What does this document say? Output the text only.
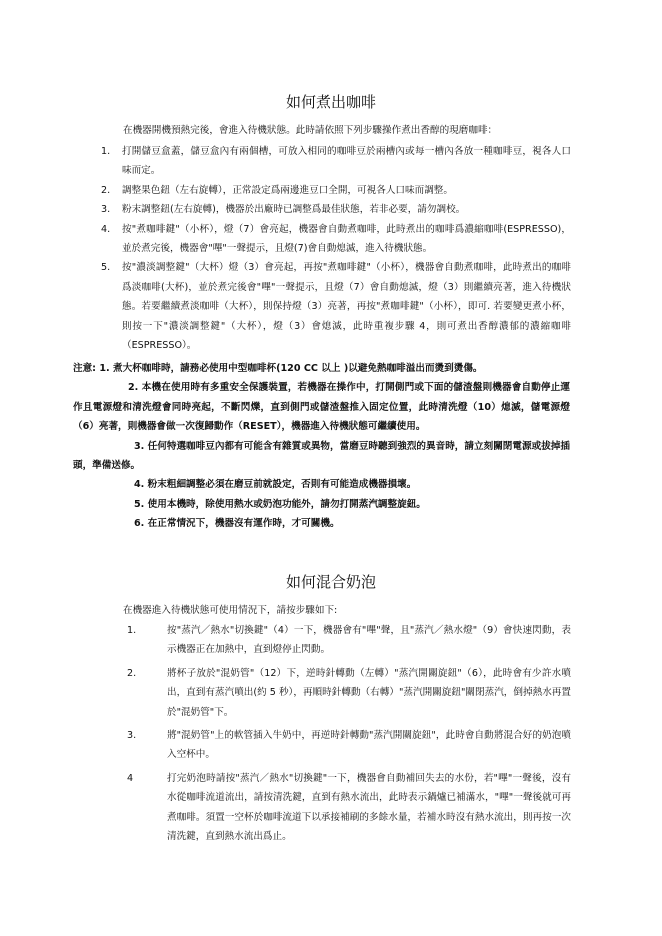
如何煮出咖啡
在機器開機預熱完後，會進入待機狀態。此時請依照下列步驟操作煮出香醇的現磨咖啡：
1.	打開儲豆盒蓋，儲豆盒內有兩個槽，可放入相同的咖啡豆於兩槽內或每一槽內各放一種咖啡豆，視各人口味而定。

2.	調整果色鈕（左右旋轉），正常設定爲兩邊進豆口全開，可視各人口味而調整。

3.	粉末調整鈕(左右旋轉)，機器於出廠時已調整爲最佳狀態，若非必要，請勿調校。

4.	按"煮咖啡鍵"（小杯），燈（7）會亮起，機器會自動煮咖啡，此時煮出的咖啡爲濃縮咖啡(ESPRESSO)，並於煮完後，機器會"嗶"一聲提示，且燈(7)會自動熄滅，進入待機狀態。

5.	按"濃淡調整鍵"（大杯）燈（3）會亮起，再按"煮咖啡鍵"（小杯），機器會自動煮咖啡，此時煮出的咖啡爲淡咖啡(大杯)，並於煮完後會"嗶"一聲提示，且燈（7）會自動熄滅，燈（3）則繼續亮著，進入待機狀態。若要繼續煮淡咖啡（大杯），則保持燈（3）亮著，再按"煮咖啡鍵"（小杯），即可. 若要變更煮小杯，則按一下"濃淡調整鍵"（大杯），燈（3）會熄滅，此時重複步驟 4，則可煮出香醇濃郁的濃縮咖啡（ESPRESSO）。

注意: 1. 煮大杯咖啡時，請務必使用中型咖啡杯(120 CC 以上 )以避免熱咖啡溢出而燙到燙傷。

2. 本機在使用時有多重安全保護裝置，若機器在操作中，打開側門或下面的儲渣盤則機器會自動停止運作且電源燈和清洗燈會同時亮起，不斷閃爍，直到側門或儲渣盤推入固定位置，此時清洗燈（10）熄滅，儲電源燈（6）亮著，則機器會做一次復歸動作（RESET），機器進入待機狀態可繼續使用。

3. 任何特選咖啡豆內都有可能含有雜質或異物，當磨豆時聽到強烈的異音時，請立刻關閉電源或拔掉插頭，準備送修。

4. 粉末粗細調整必須在磨豆前就設定，否則有可能造成機器損壞。

5. 使用本機時，除使用熱水或奶泡功能外，請勿打開蒸汽調整旋鈕。

6. 在正常情況下，機器沒有運作時，才可關機。

如何混合奶泡
在機器進入待機狀態可使用情況下，請按步驟如下:
1.	按"蒸汽／熱水"切換鍵"（4）一下，機器會有"嗶"聲，且"蒸汽／熱水燈"（9）會快速閃動，表示機器正在加熱中，直到燈停止閃動。

2.	將杯子放於"混奶管"（12）下，逆時針轉動（左轉）"蒸汽開關旋鈕"（6），此時會有少許水噴出，直到有蒸汽噴出(約 5 秒），再順時針轉動（右轉）"蒸汽開關旋鈕"關閉蒸汽，倒掉熱水再置於"混奶管"下。

3.	將"混奶管"上的軟管插入牛奶中，再逆時針轉動"蒸汽開關旋鈕"，此時會自動將混合好的奶泡噴入空杯中。

4	打完奶泡時請按"蒸汽／熱水"切換鍵"一下，機器會自動補回失去的水份，若"嗶"一聲後，沒有水從咖啡流道流出，請按清洗鍵，直到有熱水流出，此時表示鍋爐已補滿水，"嗶"一聲後就可再煮咖啡。須置一空杯於咖啡流道下以承接補刷的多餘水量，若補水時沒有熱水流出，則再按一次清洗鍵，直到熱水流出爲止。
